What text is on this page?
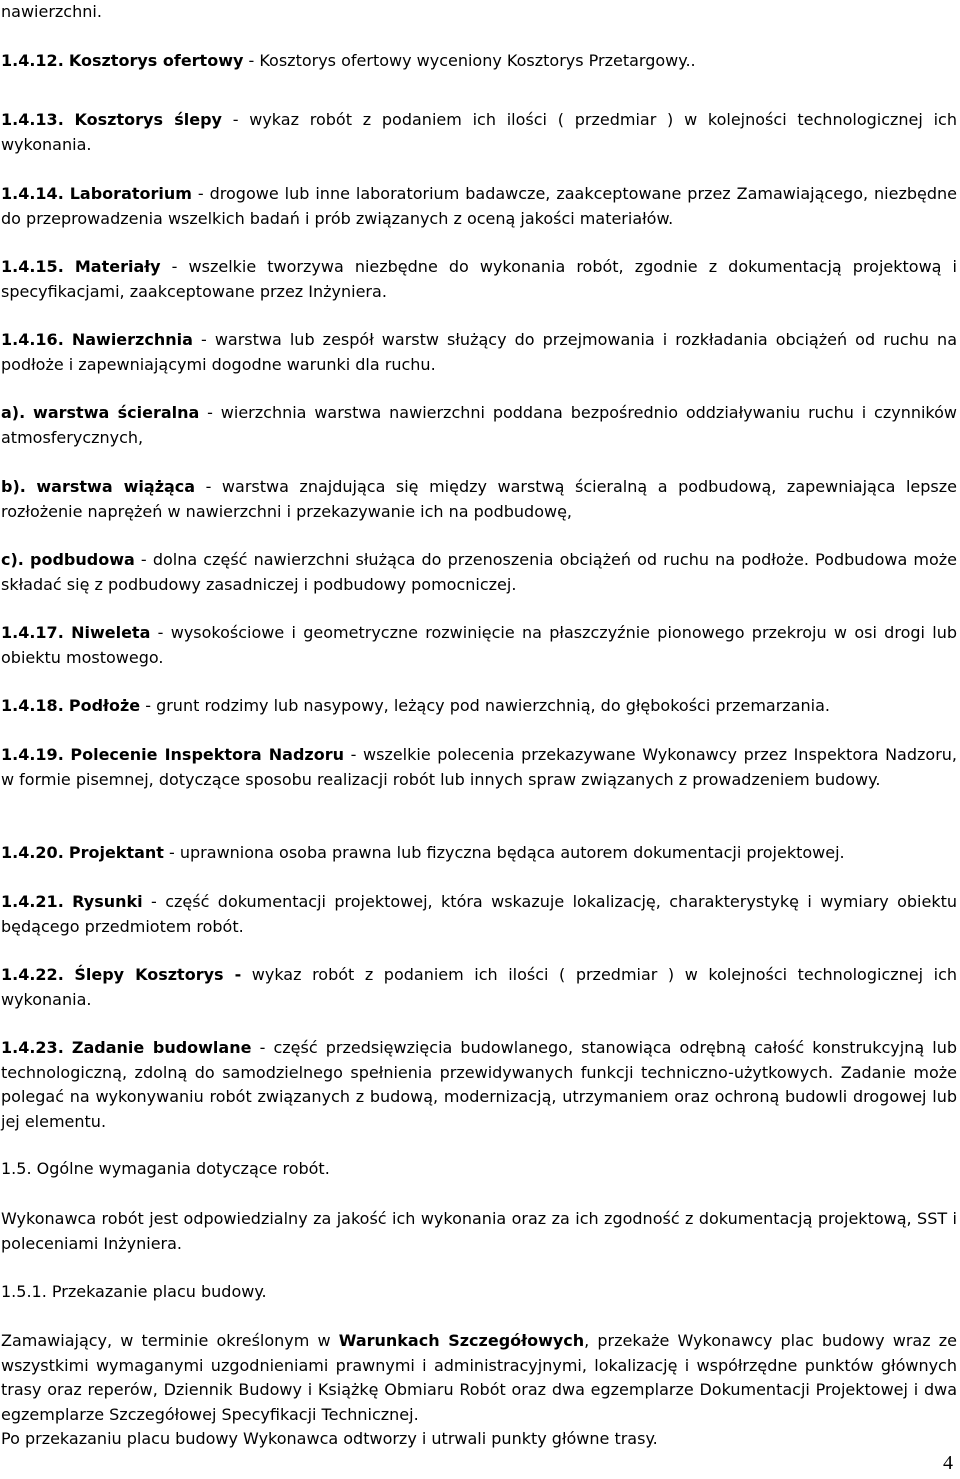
nawierzchni.

1.4.12. Kosztorys ofertowy - Kosztorys ofertowy wyceniony Kosztorys Przetargowy..

1.4.13. Kosztorys ślepy - wykaz robót z podaniem ich ilości ( przedmiar ) w kolejności technologicznej ich wykonania.

1.4.14. Laboratorium - drogowe lub inne laboratorium badawcze, zaakceptowane przez Zamawiającego, niezbędne do przeprowadzenia wszelkich badań i prób związanych z oceną jakości materiałów.

1.4.15. Materiały - wszelkie tworzywa niezbędne do wykonania robót, zgodnie z dokumentacją projektową i specyfikacjami, zaakceptowane przez Inżyniera.

1.4.16. Nawierzchnia - warstwa lub zespół warstw służący do przejmowania i rozkładania obciążeń od ruchu na podłoże i zapewniającymi dogodne warunki dla ruchu.

a). warstwa ścieralna - wierzchnia warstwa nawierzchni poddana bezpośrednio oddziaływaniu ruchu i czynników atmosferycznych,

b). warstwa wiążąca - warstwa znajdująca się między warstwą ścieralną a podbudową, zapewniająca lepsze rozłożenie naprężeń w nawierzchni i przekazywanie ich na podbudowę,

c). podbudowa - dolna część nawierzchni służąca do przenoszenia obciążeń od ruchu na podłoże. Podbudowa może składać się z podbudowy zasadniczej i podbudowy pomocniczej.

1.4.17. Niweleta - wysokościowe i geometryczne rozwinięcie na płaszczyźnie pionowego przekroju w osi drogi lub obiektu mostowego.

1.4.18. Podłoże - grunt rodzimy lub nasypowy, leżący pod nawierzchnią, do głębokości przemarzania.

1.4.19. Polecenie Inspektora Nadzoru - wszelkie polecenia przekazywane Wykonawcy przez Inspektora Nadzoru, w formie pisemnej, dotyczące sposobu realizacji robót lub innych spraw związanych z prowadzeniem budowy.

1.4.20. Projektant - uprawniona osoba prawna lub fizyczna będąca autorem dokumentacji projektowej.

1.4.21. Rysunki - część dokumentacji projektowej, która wskazuje lokalizację, charakterystykę i wymiary obiektu będącego przedmiotem robót.

1.4.22. Ślepy Kosztorys - wykaz robót z podaniem ich ilości ( przedmiar ) w kolejności technologicznej ich wykonania.

1.4.23. Zadanie budowlane - część przedsięwzięcia budowlanego, stanowiąca odrębną całość konstrukcyjną lub technologiczną, zdolną do samodzielnego spełnienia przewidywanych funkcji techniczno-użytkowych. Zadanie może polegać na wykonywaniu robót związanych z budową, modernizacją, utrzymaniem oraz ochroną budowli drogowej lub jej elementu.

1.5. Ogólne wymagania dotyczące robót.

Wykonawca robót jest odpowiedzialny za jakość ich wykonania oraz za ich zgodność z dokumentacją projektową, SST i poleceniami Inżyniera.

1.5.1. Przekazanie placu budowy.

Zamawiający, w terminie określonym w Warunkach Szczegółowych, przekaże Wykonawcy plac budowy wraz ze wszystkimi wymaganymi uzgodnieniami prawnymi i administracyjnymi, lokalizację i współrzędne punktów głównych trasy oraz reperów, Dziennik Budowy i Książkę Obmiaru Robót oraz dwa egzemplarze Dokumentacji Projektowej i dwa egzemplarze Szczegółowej Specyfikacji Technicznej.

Po przekazaniu placu budowy Wykonawca odtworzy i utrwali punkty główne trasy.

4
